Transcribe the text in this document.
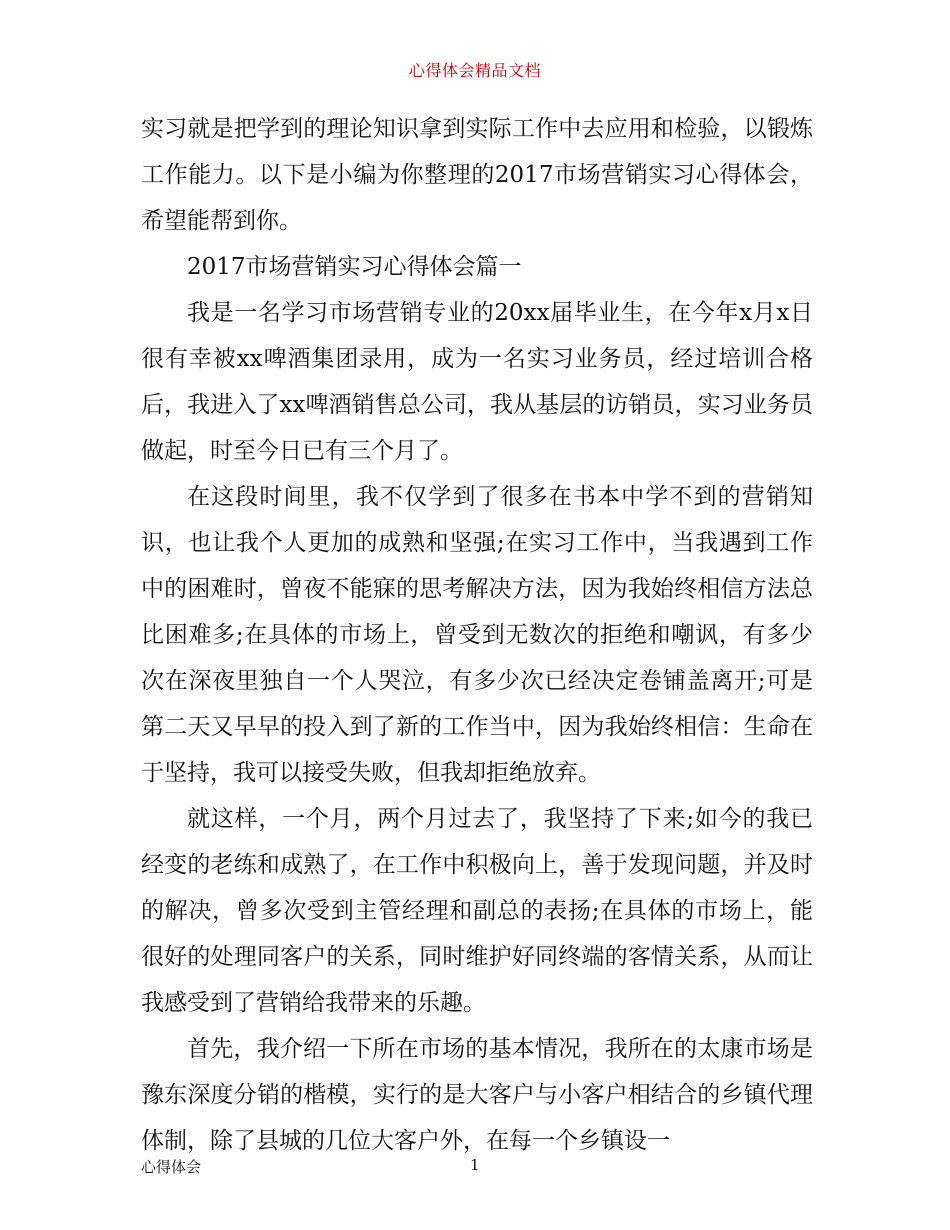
心得体会精品文档

实习就是把学到的理论知识拿到实际工作中去应用和检验，以锻炼工作能力。以下是小编为你整理的2017市场营销实习心得体会，希望能帮到你。

2017市场营销实习心得体会篇一

我是一名学习市场营销专业的20xx届毕业生，在今年x月x日很有幸被xx啤酒集团录用，成为一名实习业务员，经过培训合格后，我进入了xx啤酒销售总公司，我从基层的访销员，实习业务员做起，时至今日已有三个月了。

在这段时间里，我不仅学到了很多在书本中学不到的营销知识，也让我个人更加的成熟和坚强;在实习工作中，当我遇到工作中的困难时，曾夜不能寐的思考解决方法，因为我始终相信方法总比困难多;在具体的市场上，曾受到无数次的拒绝和嘲讽，有多少次在深夜里独自一个人哭泣，有多少次已经决定卷铺盖离开;可是第二天又早早的投入到了新的工作当中，因为我始终相信：生命在于坚持，我可以接受失败，但我却拒绝放弃。

就这样，一个月，两个月过去了，我坚持了下来;如今的我已经变的老练和成熟了，在工作中积极向上，善于发现问题，并及时的解决，曾多次受到主管经理和副总的表扬;在具体的市场上，能很好的处理同客户的关系，同时维护好同终端的客情关系，从而让我感受到了营销给我带来的乐趣。

首先，我介绍一下所在市场的基本情况，我所在的太康市场是豫东深度分销的楷模，实行的是大客户与小客户相结合的乡镇代理体制，除了县城的几位大客户外，在每一个乡镇设一

心得体会	1
